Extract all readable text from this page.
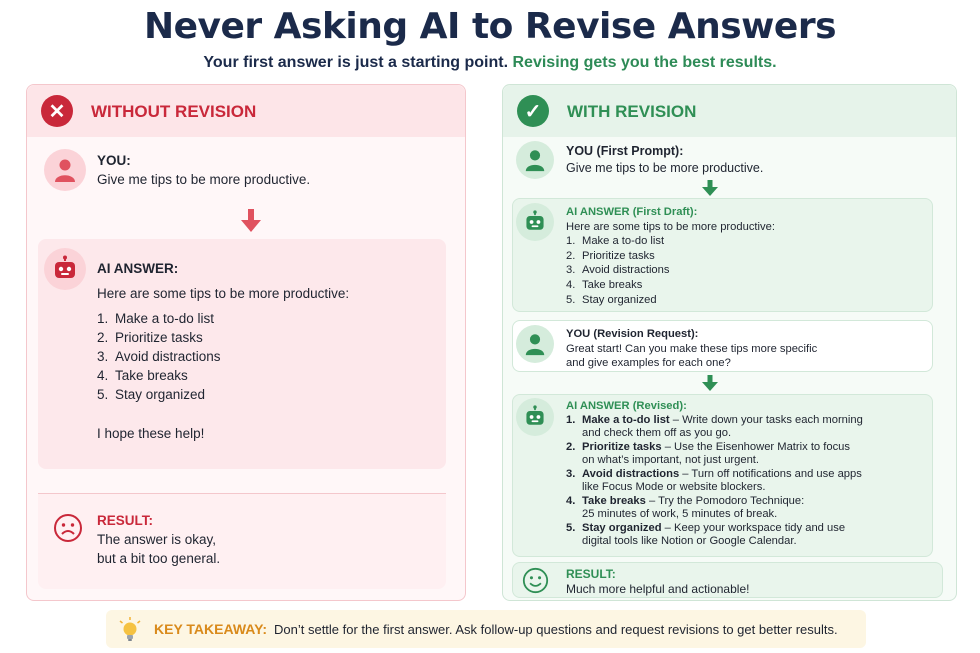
Never Asking AI to Revise Answers
Your first answer is just a starting point. Revising gets you the best results.
✕	WITHOUT REVISION
YOU:
Give me tips to be more productive.
AI ANSWER:
Here are some tips to be more productive:
1. Make a to-do list
2. Prioritize tasks
3. Avoid distractions
4. Take breaks
5. Stay organized
I hope these help!
RESULT:
The answer is okay,
but a bit too general.
✓	WITH REVISION
YOU (First Prompt):
Give me tips to be more productive.
AI ANSWER (First Draft):
Here are some tips to be more productive:
1. Make a to-do list
2. Prioritize tasks
3. Avoid distractions
4. Take breaks
5. Stay organized
YOU (Revision Request):
Great start! Can you make these tips more specific
and give examples for each one?
AI ANSWER (Revised):
1. Make a to-do list – Write down your tasks each morning
and check them off as you go.
2. Prioritize tasks – Use the Eisenhower Matrix to focus
on what’s important, not just urgent.
3. Avoid distractions – Turn off notifications and use apps
like Focus Mode or website blockers.
4. Take breaks – Try the Pomodoro Technique:
25 minutes of work, 5 minutes of break.
5. Stay organized – Keep your workspace tidy and use
digital tools like Notion or Google Calendar.
RESULT:
Much more helpful and actionable!
KEY TAKEAWAY: Don’t settle for the first answer. Ask follow-up questions and request revisions to get better results.
